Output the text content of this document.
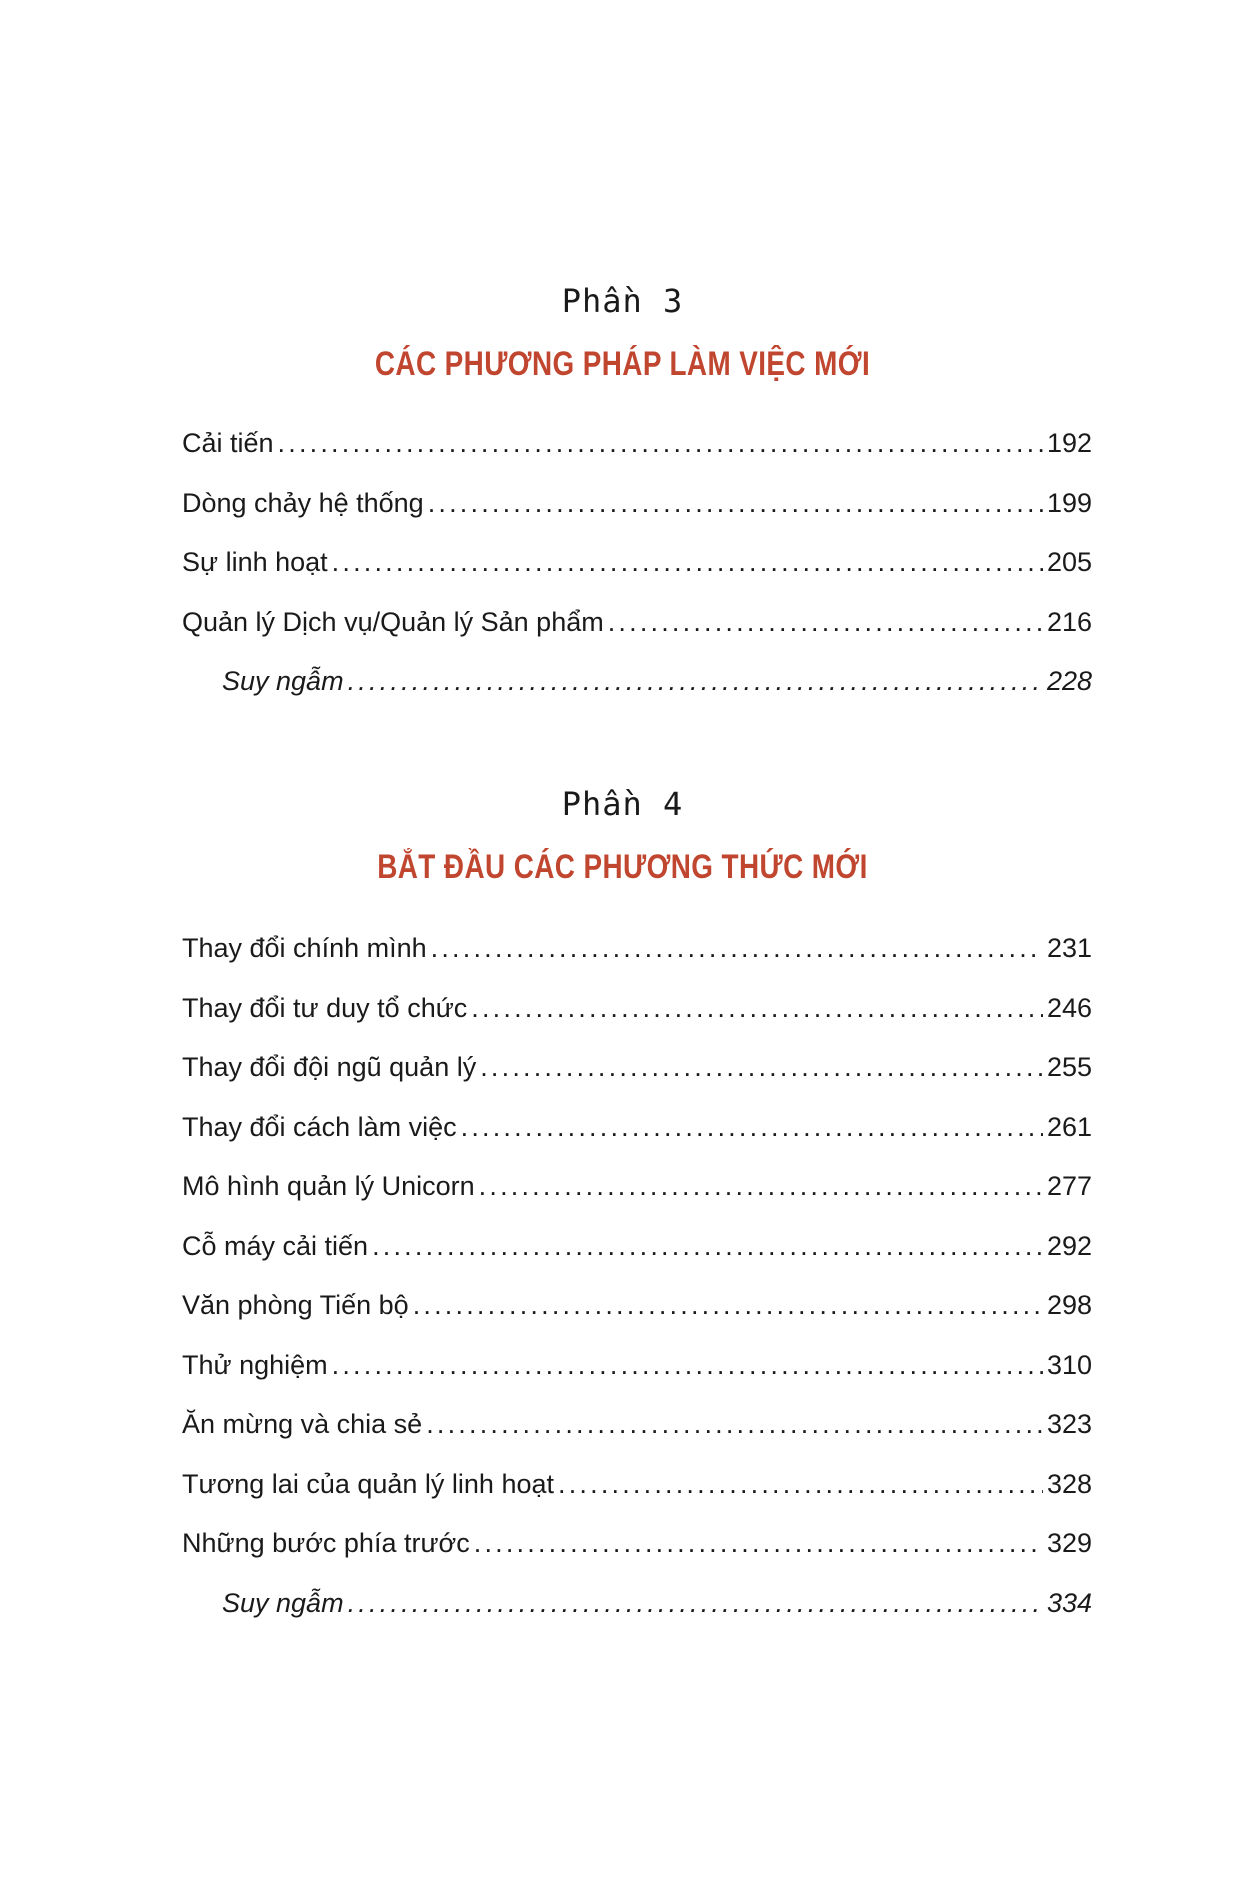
Phần 3
CÁC PHƯƠNG PHÁP LÀM VIỆC MỚI
Cải tiến .....	192
Dòng chảy hệ thống .....	199
Sự linh hoạt .....	205
Quản lý Dịch vụ/Quản lý Sản phẩm .....	216
Suy ngẫm .....	228
Phần 4
BẮT ĐẦU CÁC PHƯƠNG THỨC MỚI
Thay đổi chính mình .....	231
Thay đổi tư duy tổ chức .....	246
Thay đổi đội ngũ quản lý .....	255
Thay đổi cách làm việc .....	261
Mô hình quản lý Unicorn .....	277
Cỗ máy cải tiến .....	292
Văn phòng Tiến bộ .....	298
Thử nghiệm .....	310
Ăn mừng và chia sẻ .....	323
Tương lai của quản lý linh hoạt .....	328
Những bước phía trước .....	329
Suy ngẫm .....	334
